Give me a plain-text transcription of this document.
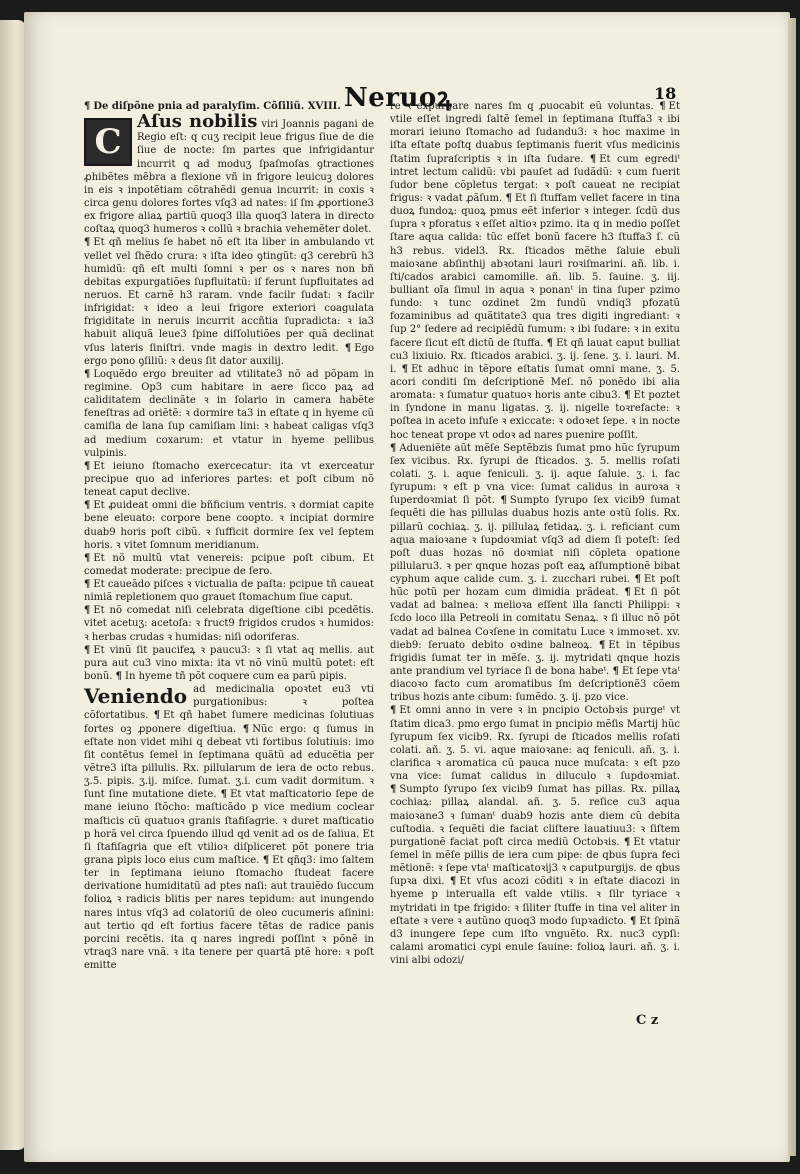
Neruoꝝ	18

¶ De diſpõne pnia ad paralyſim. Cõſiliũ. XVIII.

C Aſus nobilis viri Joannis pagani de Regio eſt: q cuʒ recipit leue frigus ſiue de die ſiue de nocte: ſm partes que infrigidantur incurrit ꝗ ad moduʒ ſpaſmoſas ꝯtractiones ꝓhibẽtes mẽbra a flexione vñ in frigore leuicuꝫ dolores in eis ꝛ inpotẽtiam cõtrahẽdi genua incurrit: in coxis ꝛ circa genu dolores fortes vſq3 ad nates: iſ ſm ꝓportione3 ex frigore aliaꝝ partiũ quoq3 illa quoq3 latera in directo coſtaꝝ quoq3 humeros ꝛ collũ ꝛ brachia vehemẽter dolet.

¶ Et qñ melius ſe habet nõ eſt ita liber in ambulando vt vellet vel ſhẽdo crura: ꝛ iſta ideo ꝯtingũt: q3 cerebrũ h3 humidũ: qñ eſt multi ſomni ꝛ per os ꝛ nares non bñ debitas expurgatiões ſupfluitatũ: iſ ferunt ſupfluitates ad neruos. Et carnẽ h3 raram. vnde facilr ſudat: ꝛ facilr infrigidat: ꝛ ideo a leui frigore exteriori coagulata frigiditate in neruis incurrit accñtia ſupradicta: ꝛ ia3 habuit aliquã leue3 ſpine diſſolutiões per quã declinat vſus lateris ſiniſtri. vnde magis in dextro ledit. ¶ Ego ergo pono ꝯſiliũ: ꝛ deus ſit dator auxilij.

¶ Loquẽdo ergo breuiter ad vtilitate3 nõ ad põpam in regimine. Op3 cum habitare in aere ſicco paꝝ ad caliditatem declinãte ꝛ in ſolario in camera habẽte feneſtras ad oriẽtẽ: ꝛ dormire ta3 in eſtate q in hyeme cũ camiſia de lana ſup camiſiam lini: ꝛ habeat caligas vſq3 ad medium coxarum: et vtatur in hyeme pellibus vulpinis.

¶ Et ieiuno ſtomacho exercecatur: ita vt exerceatur precipue quo ad inferiores partes: et poſt cibum nõ teneat caput declive.

¶ Et ꝓuideat omni die bñficium ventris. ꝛ dormiat capite bene eleuato: corpore bene coopto. ꝛ incipiat dormire duab9 horis poſt cibũ. ꝛ ſufficit dormire ſex vel ſeptem horis. ꝛ vitet ſomnum meridianum.

¶ Et nõ multũ vtat venereis: pcipue poſt cibum. Et comedat moderate: precipue de ſero.

¶ Et caueãdo piſces ꝛ victualia de paſta: pcipue tñ caueat nimiã repletionem quo grauet ſtomachum ſiue caput.

¶ Et nõ comedat niſi celebrata digeſtione cibi pcedẽtis. vitet acetuʒ: acetoſa: ꝛ fruct9 frigidos crudos ꝛ humidos: ꝛ herbas crudas ꝛ humidas: niſi odoriferas.

¶ Et vinũ ſit paucifeꝝ ꝛ paucu3: ꝛ ſi vtat aq mellis. aut pura aut cu3 vino mixta: ita vt nõ vinũ multũ potet: eſt bonũ. ¶ In hyeme tñ põt coquere cum ea parũ pipis.

Veniendo ad medicinalia opoꝛtet eu3 vti purgationibus: ꝛ poſtea cõfortatibus. ¶ Et qñ habet ſumere medicinas ſolutiuas fortes oꝫ ꝓponere digeſtiua. ¶ Nũc ergo: q ſumus in eſtate non videt mihi q debeat vti fortibus ſolutiuis: imo ſit contẽtus ſemel in ſeptimana quãtũ ad educẽtia per vẽtre3 iſta pillulis. Rx. pillularum de iera de octo rebus. ʒ.5. pipis. ʒ.ij. miſce. ſumat. ʒ.i. cum vadit dormitum. ꝛ ſunt ſine mutatione diete. ¶ Et vtat maſticatorio ſepe de mane ieiuno ſtõcho: maſticãdo p vice medium coclear maſticis cũ quatuoꝛ granis ſtafiſagrie. ꝛ duret maſticatio p horã vel circa ſpuendo illud qd venit ad os de ſaliua. Et ſi ſtafiſagria que eſt vtilioꝛ diſpliceret põt ponere tria grana pipis loco eius cum maſtice. ¶ Et qñq3: imo ſaltem ter in ſeptimana ieiuno ſtomacho ſtudeat facere derivatione humiditatũ ad ptes naſi: aut trauiẽdo ſuccum folioꝝ ꝛ radicis blitis per nares tepidum: aut inungendo nares intus vſq3 ad colatoriũ de oleo cucumeris aſinini: aut tertio qd eſt fortius facere tẽtas de radice panis porcini recẽtis. ita q nares ingredi poſſint ꝛ põnẽ in vtraq3 nare vnã. ꝛ ita tenere per quartã ptẽ hore: ꝛ poſt emitte

re ꝛ expurgare nares ſm q ꝓuocabit eũ voluntas. ¶ Et vtile eſſet ingredi ſaltẽ ſemel in ſeptimana ſtuffa3 ꝛ ibi morari ieiuno ſtomacho ad ſudandu3: ꝛ hoc maxime in iſta eſtate poſtq duabus ſeptimanis fuerit vſus medicinis ſtatim ſupraſcriptis ꝛ in iſta ſudare. ¶ Et cum egrediᵗ intret lectum calidũ: vbi pauſet ad ſudãdũ: ꝛ cum fuerit ſudor bene cõpletus tergat: ꝛ poſt caueat ne recipiat frigus: ꝛ vadat ꝓãſum. ¶ Et ſi ſtuffam vellet facere in tina duoꝝ fundoꝝ: quoꝝ pmus eẽt inferior ꝛ integer. ſcdũ dus ſupra ꝛ pforatus ꝛ eſſet altioꝛ pzimo. ita q in medio poſſet ſtare aqua calida: tũc eſſet bonũ facere h3 ſtuffa3 ſ. cũ h3 rebus. videl3. Rx. ſticados mẽthe ſaluie ebuli maioꝛane abſinthij abꝛotani lauri roꝛiſmarini. añ. lib. i. ſti/cados arabici camomille. añ. lib. 5. ſauine. ʒ. iij. bulliant oĩa ſimul in aqua ꝛ ponanᵗ in tina ſuper pzimo fundo: ꝛ tunc ozdinet 2m fundũ vndiq3 pfozatũ fozaminibus ad quãtitate3 qua tres digiti ingrediant: ꝛ ſup 2° ſedere ad recipiẽdũ fumum: ꝛ ibi ſudare: ꝛ in exitu facere ſicut eſt dictũ de ſtuffa. ¶ Et qñ lauat caput bulliat cu3 lixiuio. Rx. ſticados arabici. ʒ. ij. ſene. ʒ. i. lauri. M. i. ¶ Et adhuc in tẽpore eſtatis ſumat omni mane. ʒ. 5. acori conditi ſm deſcriptionẽ Meſ. nõ ponẽdo ibi alia aromata: ꝛ ſumatur quatuoꝛ horis ante cibu3. ¶ Et poztet in ſyndone in manu ligatas. ʒ. ij. nigelle toꝛrefacte: ꝛ poſtea in aceto infuſe ꝛ exiccate: ꝛ odoꝛet ſepe. ꝛ in nocte hoc teneat prope vt odoꝛ ad nares puenire poſſit.

¶ Adueniẽte aũt mẽſe Septẽbzis ſumat pmo hũc ſyrupum ſex vicibus. Rx. ſyrupi de ſticados. ʒ. 5. mellis roſati colati. ʒ. i. aque feniculi. ʒ. ij. aque ſaluie. ʒ. i. fac ſyrupum: ꝛ eſt p vna vice: ſumat calidus in auroꝛa ꝛ ſuperdoꝛmiat ſi põt. ¶ Sumpto ſyrupo ſex vicib9 ſumat ſequẽti die has pillulas duabus hozis ante oꝛtũ ſolis. Rx. pillarũ cochiaꝝ. ʒ. ij. pillulaꝝ fetidaꝝ. ʒ. i. reficiant cum aqua maioꝛane ꝛ ſupdoꝛmiat vſq3 ad diem ſi poteſt: ſed poſt duas hozas nõ doꝛmiat niſi cõpleta opatione pillularu3. ꝛ per qnque hozas poſt eaꝝ aſſumptionẽ bibat cyphum aque calide cum. ʒ. i. zucchari rubei. ¶ Et poſt hũc potũ per hozam cum dimidia prãdeat. ¶ Et ſi põt vadat ad balnea: ꝛ melioꝛa eſſent illa ſancti Philippi: ꝛ ſcdo loco illa Petreoli in comitatu Senaꝝ. ꝛ ſi illuc nõ põt vadat ad balnea Coꝛſene in comitatu Luce ꝛ immoꝛet. xv. dieb9: ſeruato debito oꝛdine balneoꝝ. ¶ Et in tẽpibus frigidis ſumat ter in mẽſe. ʒ. ij. mytridati qnque hozis ante prandium vel tyriace ſi de bona habeᵗ. ¶ Et ſepe vtaᵗ diacoꝛo facto cum aromatibus ſm deſcriptionẽ3 cõem tribus hozis ante cibum: ſumẽdo. ʒ. ij. pzo vice.

¶ Et omni anno in vere ꝛ in pncipio Octobꝛis purgeᵗ vt ſtatim dica3. pmo ergo ſumat in pncipio mẽſis Martij hũc ſyrupum ſex vicib9. Rx. ſyrupi de ſticados mellis roſati colati. añ. ʒ. 5. vi. aque maioꝛane: aq feniculi. añ. ʒ. i. clarifica ꝛ aromatica cũ pauca nuce muſcata: ꝛ eſt pzo vna vice: ſumat calidus in diluculo ꝛ ſupdoꝛmiat. ¶ Sumpto ſyrupo ſex vicib9 ſumat has pillas. Rx. pillaꝝ cochiaꝝ: pillaꝝ alandal. añ. ʒ. 5. reſice cu3 aqua maioꝛane3 ꝛ ſumanᵗ duab9 hozis ante diem cũ debita cuſtodia. ꝛ ſequẽti die faciat cliſtere lauatiuu3: ꝛ ſiſtem purgationẽ faciat poſt circa mediũ Octobꝛis. ¶ Et vtatur ſemel in mẽſe pillis de iera cum pipe: de qbus ſupra feci mẽtionẽ: ꝛ ſepe vtaᵗ maſticatoꝛij3 ꝛ caputpurgijs. de qbus ſupꝛa dixi. ¶ Et vſus acozi cõditi ꝛ in eſtate diacozi in hyeme p interualla eſt valde vtilis. ꝛ ſilr tyriace ꝛ mytridati in tpe frigido: ꝛ ſiliter ſtuffe in tina vel aliter in eſtate ꝛ vere ꝛ autũno quoq3 modo ſupꝛadicto. ¶ Et ſpinã d3 inungere ſepe cum iſto vnguẽto. Rx. nuc3 cypſi: calami aromatici cypi enule ſauine: folioꝝ lauri. añ. ʒ. i. vini albi odozi/

C z
